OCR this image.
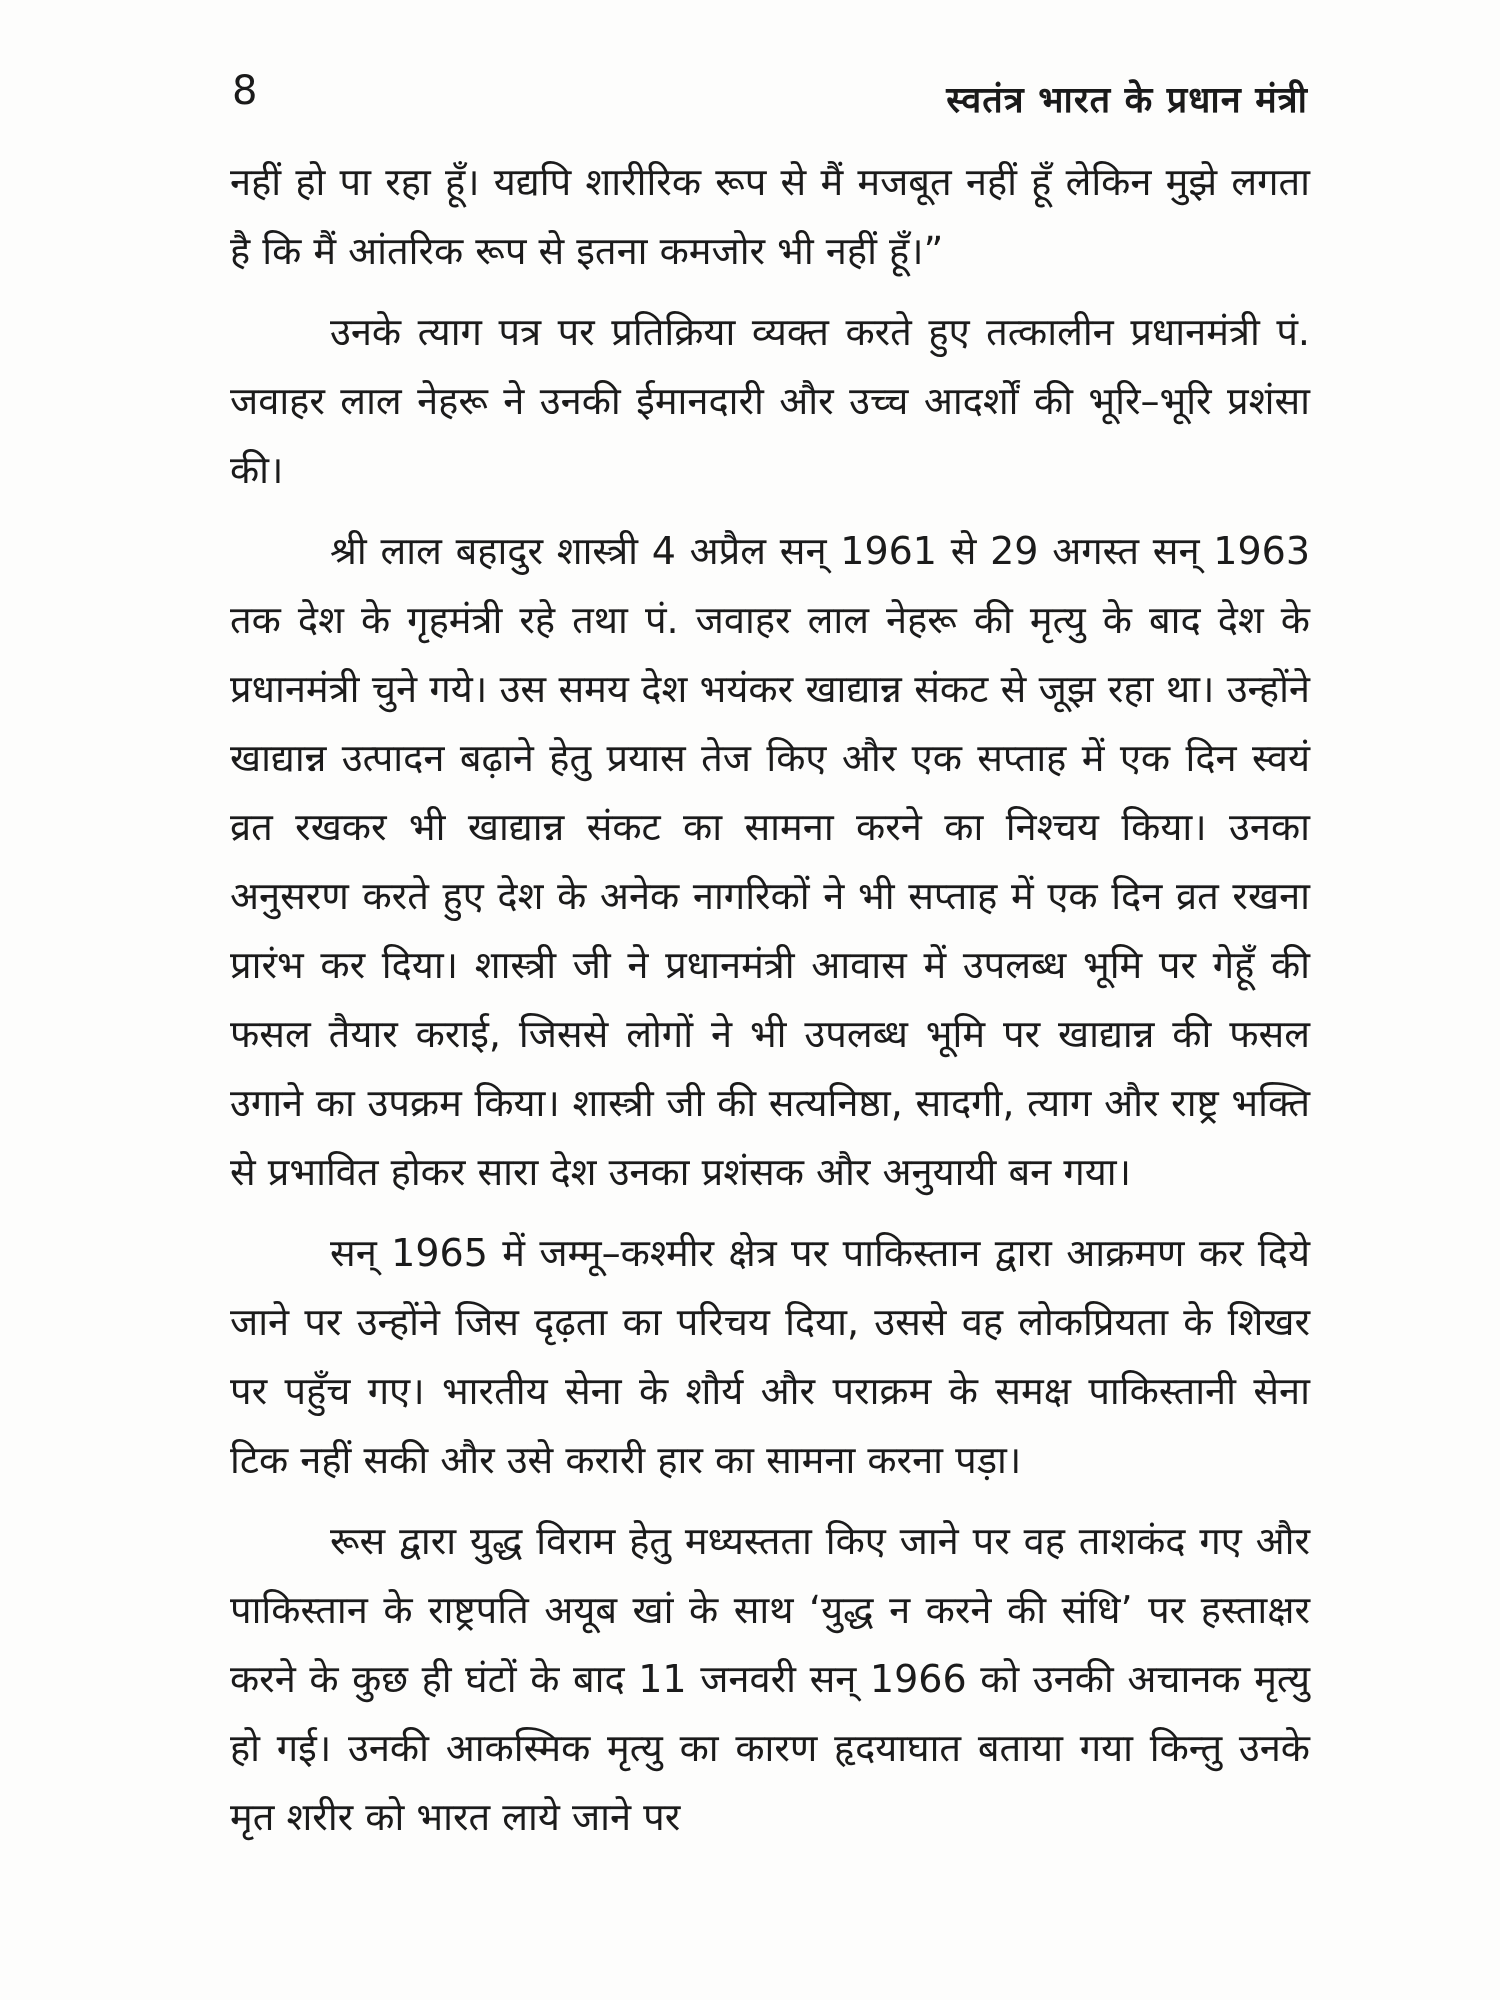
8	स्वतंत्र भारत के प्रधान मंत्री

नहीं हो पा रहा हूँ। यद्यपि शारीरिक रूप से मैं मजबूत नहीं हूँ लेकिन मुझे लगता है कि मैं आंतरिक रूप से इतना कमजोर भी नहीं हूँ।”

उनके त्याग पत्र पर प्रतिक्रिया व्यक्त करते हुए तत्कालीन प्रधानमंत्री पं. जवाहर लाल नेहरू ने उनकी ईमानदारी और उच्च आदर्शों की भूरि–भूरि प्रशंसा की।

श्री लाल बहादुर शास्त्री 4 अप्रैल सन् 1961 से 29 अगस्त सन् 1963 तक देश के गृहमंत्री रहे तथा पं. जवाहर लाल नेहरू की मृत्यु के बाद देश के प्रधानमंत्री चुने गये। उस समय देश भयंकर खाद्यान्न संकट से जूझ रहा था। उन्होंने खाद्यान्न उत्पादन बढ़ाने हेतु प्रयास तेज किए और एक सप्ताह में एक दिन स्वयं व्रत रखकर भी खाद्यान्न संकट का सामना करने का निश्चय किया। उनका अनुसरण करते हुए देश के अनेक नागरिकों ने भी सप्ताह में एक दिन व्रत रखना प्रारंभ कर दिया। शास्त्री जी ने प्रधानमंत्री आवास में उपलब्ध भूमि पर गेहूँ की फसल तैयार कराई, जिससे लोगों ने भी उपलब्ध भूमि पर खाद्यान्न की फसल उगाने का उपक्रम किया। शास्त्री जी की सत्यनिष्ठा, सादगी, त्याग और राष्ट्र भक्ति से प्रभावित होकर सारा देश उनका प्रशंसक और अनुयायी बन गया।

सन् 1965 में जम्मू–कश्मीर क्षेत्र पर पाकिस्तान द्वारा आक्रमण कर दिये जाने पर उन्होंने जिस दृढ़ता का परिचय दिया, उससे वह लोकप्रियता के शिखर पर पहुँच गए। भारतीय सेना के शौर्य और पराक्रम के समक्ष पाकिस्तानी सेना टिक नहीं सकी और उसे करारी हार का सामना करना पड़ा।

रूस द्वारा युद्ध विराम हेतु मध्यस्तता किए जाने पर वह ताशकंद गए और पाकिस्तान के राष्ट्रपति अयूब खां के साथ ‘युद्ध न करने की संधि’ पर हस्ताक्षर करने के कुछ ही घंटों के बाद 11 जनवरी सन् 1966 को उनकी अचानक मृत्यु हो गई। उनकी आकस्मिक मृत्यु का कारण हृदयाघात बताया गया किन्तु उनके मृत शरीर को भारत लाये जाने पर
